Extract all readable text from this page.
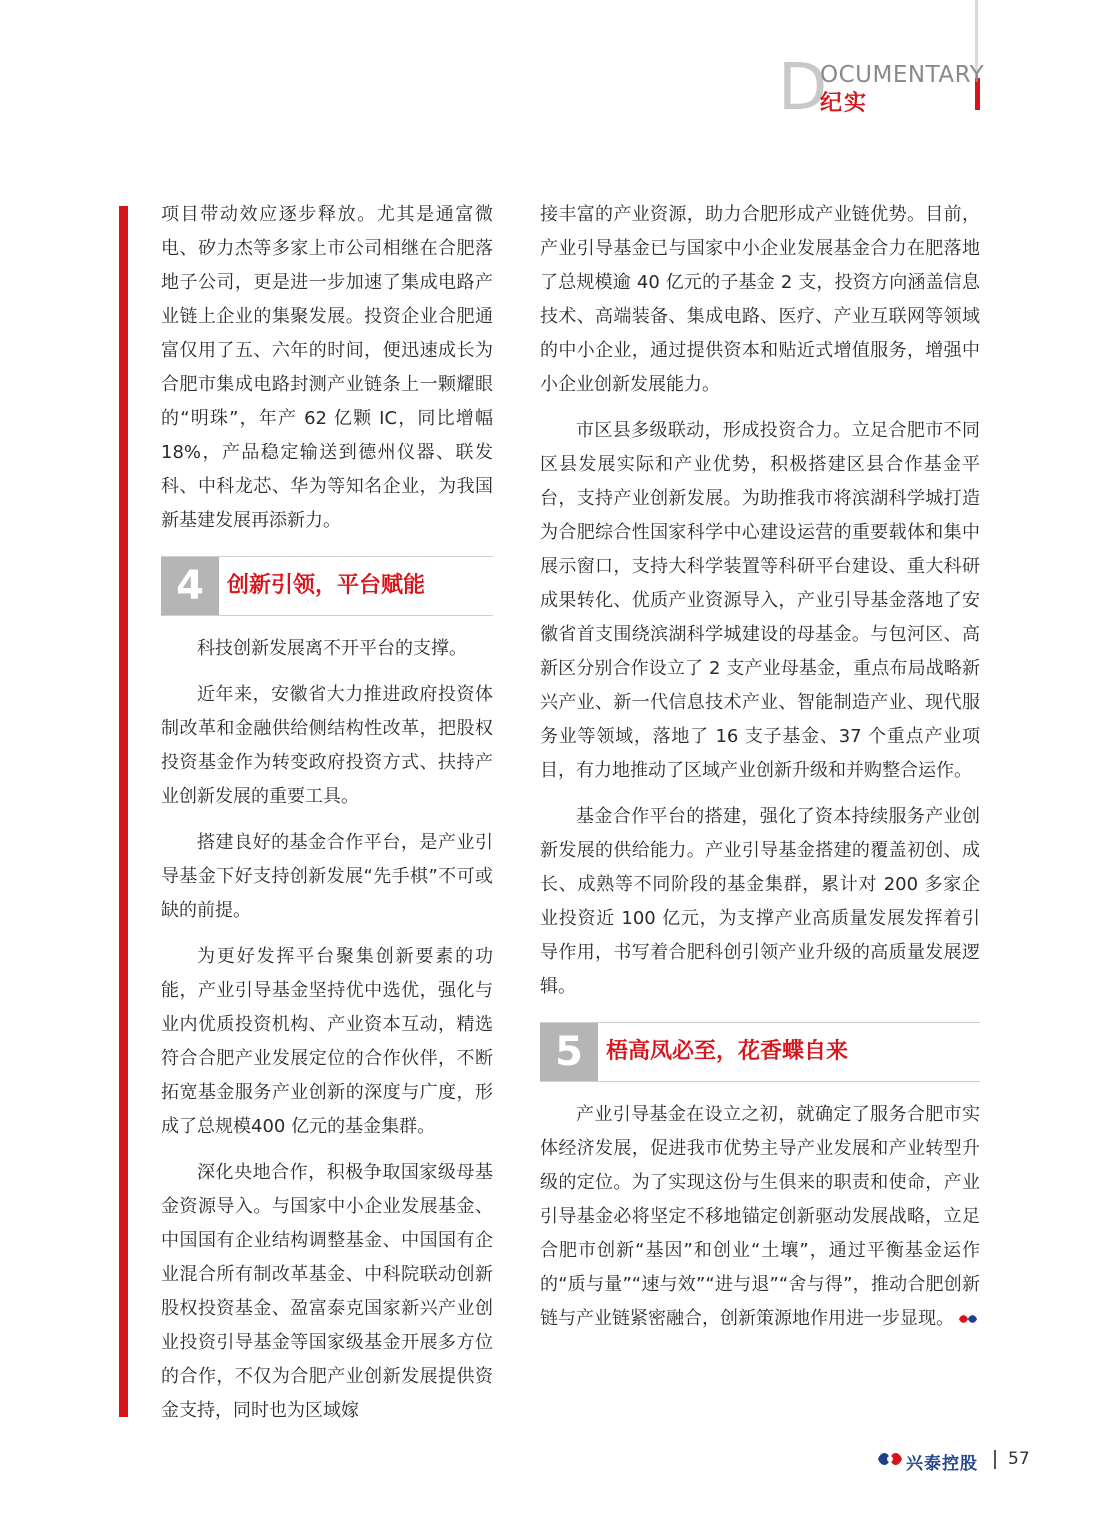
D
OCUMENTARY
纪实

项目带动效应逐步释放。尤其是通富微电、矽力杰等多家上市公司相继在合肥落地子公司，更是进一步加速了集成电路产业链上企业的集聚发展。投资企业合肥通富仅用了五、六年的时间，便迅速成长为合肥市集成电路封测产业链条上一颗耀眼的“明珠”，年产 62 亿颗 IC，同比增幅 18%，产品稳定输送到德州仪器、联发科、中科龙芯、华为等知名企业，为我国新基建发展再添新力。

4	创新引领，平台赋能

科技创新发展离不开平台的支撑。

近年来，安徽省大力推进政府投资体制改革和金融供给侧结构性改革，把股权投资基金作为转变政府投资方式、扶持产业创新发展的重要工具。

搭建良好的基金合作平台，是产业引导基金下好支持创新发展“先手棋”不可或缺的前提。

为更好发挥平台聚集创新要素的功能，产业引导基金坚持优中选优，强化与业内优质投资机构、产业资本互动，精选符合合肥产业发展定位的合作伙伴，不断拓宽基金服务产业创新的深度与广度，形成了总规模400 亿元的基金集群。

深化央地合作，积极争取国家级母基金资源导入。与国家中小企业发展基金、中国国有企业结构调整基金、中国国有企业混合所有制改革基金、中科院联动创新股权投资基金、盈富泰克国家新兴产业创业投资引导基金等国家级基金开展多方位的合作，不仅为合肥产业创新发展提供资金支持，同时也为区域嫁

接丰富的产业资源，助力合肥形成产业链优势。目前，产业引导基金已与国家中小企业发展基金合力在肥落地了总规模逾 40 亿元的子基金 2 支，投资方向涵盖信息技术、高端装备、集成电路、医疗、产业互联网等领域的中小企业，通过提供资本和贴近式增值服务，增强中小企业创新发展能力。

市区县多级联动，形成投资合力。立足合肥市不同区县发展实际和产业优势，积极搭建区县合作基金平台，支持产业创新发展。为助推我市将滨湖科学城打造为合肥综合性国家科学中心建设运营的重要载体和集中展示窗口，支持大科学装置等科研平台建设、重大科研成果转化、优质产业资源导入，产业引导基金落地了安徽省首支围绕滨湖科学城建设的母基金。与包河区、高新区分别合作设立了 2 支产业母基金，重点布局战略新兴产业、新一代信息技术产业、智能制造产业、现代服务业等领域，落地了 16 支子基金、37 个重点产业项目，有力地推动了区域产业创新升级和并购整合运作。

基金合作平台的搭建，强化了资本持续服务产业创新发展的供给能力。产业引导基金搭建的覆盖初创、成长、成熟等不同阶段的基金集群，累计对 200 多家企业投资近 100 亿元，为支撑产业高质量发展发挥着引导作用，书写着合肥科创引领产业升级的高质量发展逻辑。

5	梧高凤必至，花香蝶自来

产业引导基金在设立之初，就确定了服务合肥市实体经济发展，促进我市优势主导产业发展和产业转型升级的定位。为了实现这份与生俱来的职责和使命，产业引导基金必将坚定不移地锚定创新驱动发展战略，立足合肥市创新“基因”和创业“土壤”，通过平衡基金运作的“质与量”“速与效”“进与退”“舍与得”，推动合肥创新链与产业链紧密融合，创新策源地作用进一步显现。

兴泰控股 57
